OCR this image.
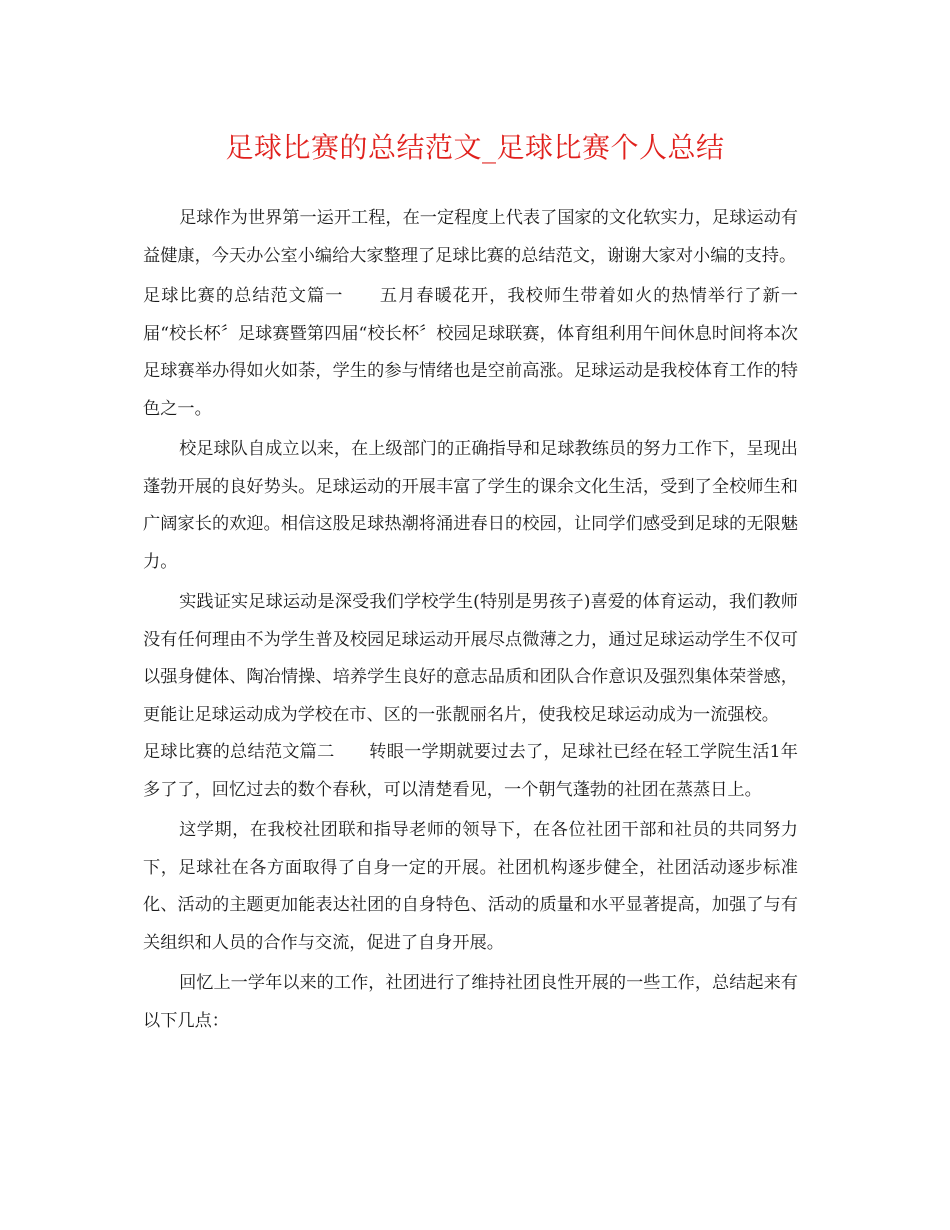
足球比赛的总结范文_足球比赛个人总结

足球作为世界第一运开工程，在一定程度上代表了国家的文化软实力，足球运动有益健康，今天办公室小编给大家整理了足球比赛的总结范文，谢谢大家对小编的支持。

足球比赛的总结范文篇一　　五月春暖花开，我校师生带着如火的热情举行了新一届“校长杯〞足球赛暨第四届“校长杯〞校园足球联赛，体育组利用午间休息时间将本次足球赛举办得如火如荼，学生的参与情绪也是空前高涨。足球运动是我校体育工作的特色之一。

校足球队自成立以来，在上级部门的正确指导和足球教练员的努力工作下，呈现出蓬勃开展的良好势头。足球运动的开展丰富了学生的课余文化生活，受到了全校师生和广阔家长的欢迎。相信这股足球热潮将涌进春日的校园，让同学们感受到足球的无限魅力。

实践证实足球运动是深受我们学校学生(特别是男孩子)喜爱的体育运动，我们教师没有任何理由不为学生普及校园足球运动开展尽点微薄之力，通过足球运动学生不仅可以强身健体、陶冶情操、培养学生良好的意志品质和团队合作意识及强烈集体荣誉感，更能让足球运动成为学校在市、区的一张靓丽名片，使我校足球运动成为一流强校。

足球比赛的总结范文篇二　　转眼一学期就要过去了，足球社已经在轻工学院生活1年多了了，回忆过去的数个春秋，可以清楚看见，一个朝气蓬勃的社团在蒸蒸日上。

这学期，在我校社团联和指导老师的领导下，在各位社团干部和社员的共同努力下，足球社在各方面取得了自身一定的开展。社团机构逐步健全，社团活动逐步标准化、活动的主题更加能表达社团的自身特色、活动的质量和水平显著提高，加强了与有关组织和人员的合作与交流，促进了自身开展。

回忆上一学年以来的工作，社团进行了维持社团良性开展的一些工作，总结起来有以下几点：
